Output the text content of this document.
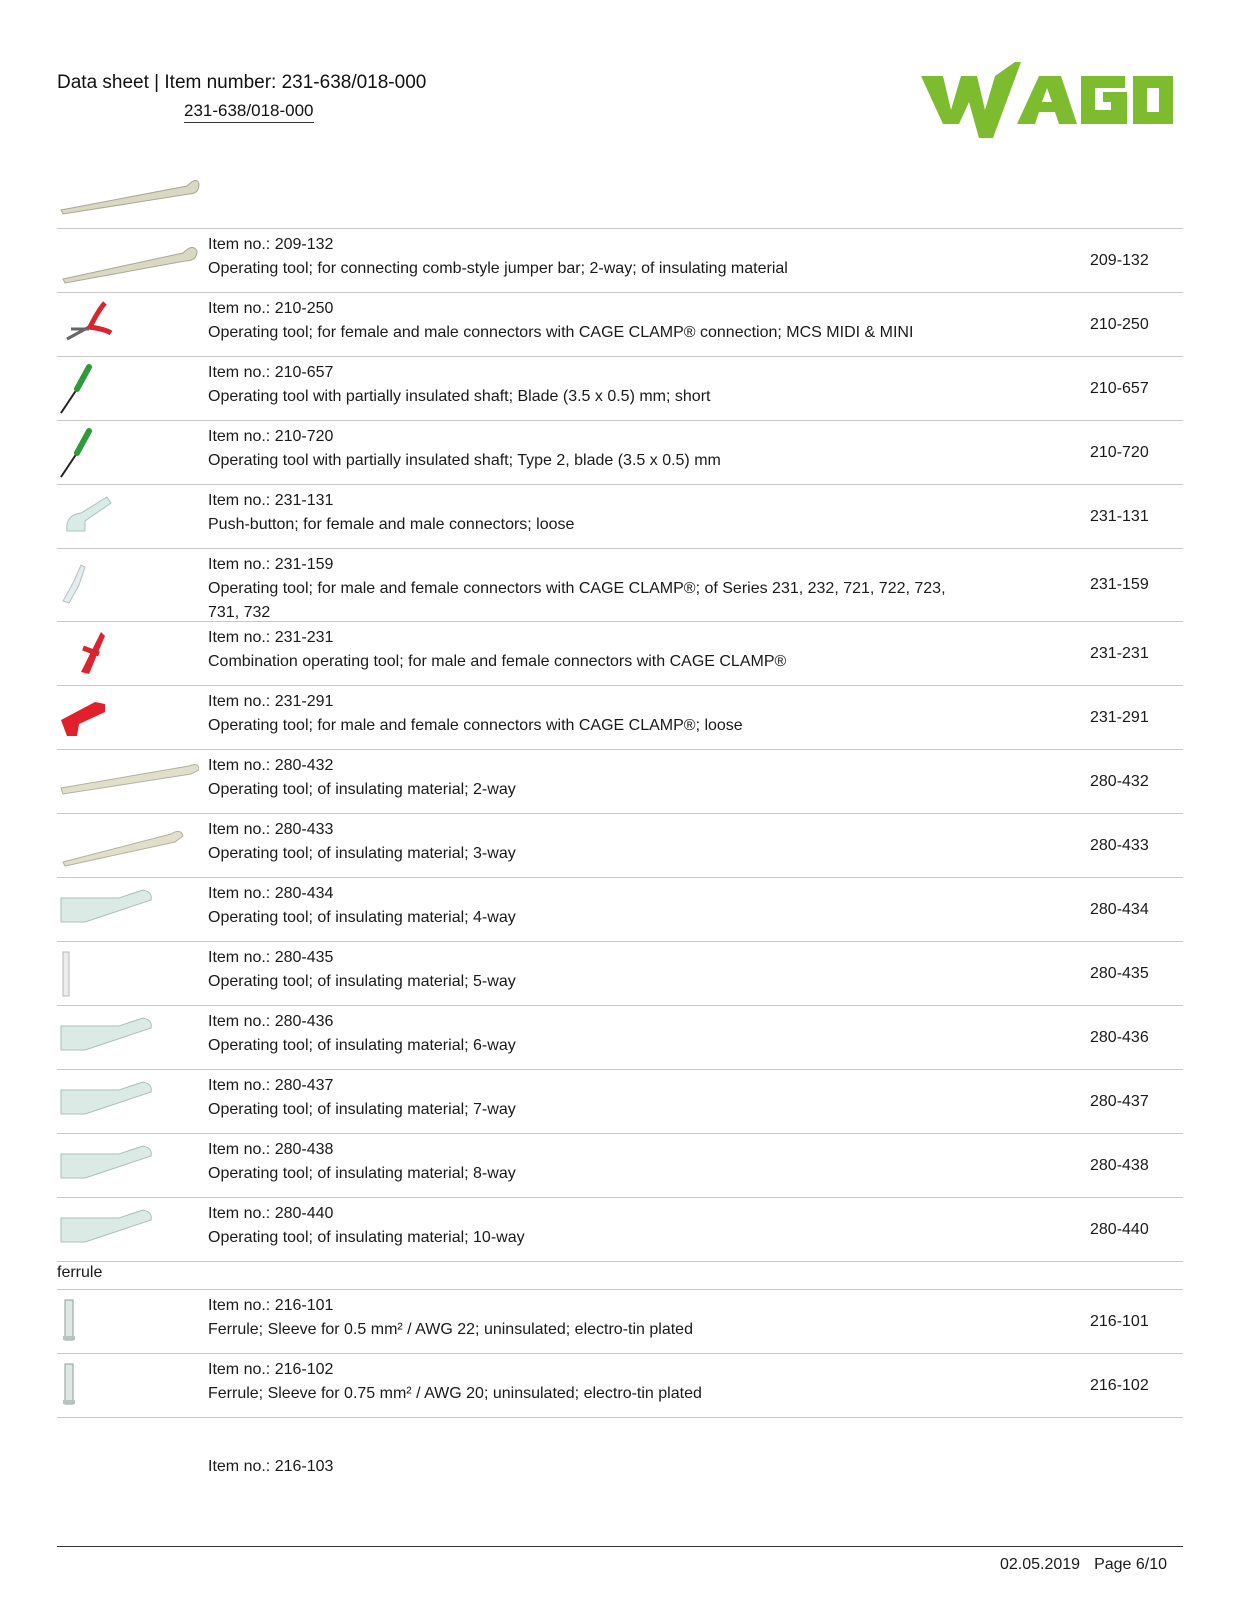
Data sheet | Item number: 231-638/018-000
231-638/018-000
Item no.: 209-132
Operating tool; for connecting comb-style jumper bar; 2-way; of insulating material	209-132
Item no.: 210-250
Operating tool; for female and male connectors with CAGE CLAMP® connection; MCS MIDI & MINI	210-250
Item no.: 210-657
Operating tool with partially insulated shaft; Blade (3.5 x 0.5) mm; short	210-657
Item no.: 210-720
Operating tool with partially insulated shaft; Type 2, blade (3.5 x 0.5) mm	210-720
Item no.: 231-131
Push-button; for female and male connectors; loose	231-131
Item no.: 231-159
Operating tool; for male and female connectors with CAGE CLAMP®; of Series 231, 232, 721, 722, 723, 731, 732
231-159
Item no.: 231-231
Combination operating tool; for male and female connectors with CAGE CLAMP®	231-231
Item no.: 231-291
Operating tool; for male and female connectors with CAGE CLAMP®; loose	231-291
Item no.: 280-432
Operating tool; of insulating material; 2-way	280-432
Item no.: 280-433
Operating tool; of insulating material; 3-way	280-433
Item no.: 280-434
Operating tool; of insulating material; 4-way	280-434
Item no.: 280-435
Operating tool; of insulating material; 5-way	280-435
Item no.: 280-436
Operating tool; of insulating material; 6-way	280-436
Item no.: 280-437
Operating tool; of insulating material; 7-way	280-437
Item no.: 280-438
Operating tool; of insulating material; 8-way	280-438
Item no.: 280-440
Operating tool; of insulating material; 10-way	280-440
ferrule
Item no.: 216-101
Ferrule; Sleeve for 0.5 mm² / AWG 22; uninsulated; electro-tin plated	216-101
Item no.: 216-102
Ferrule; Sleeve for 0.75 mm² / AWG 20; uninsulated; electro-tin plated	216-102
Item no.: 216-103
02.05.2019 Page 6/10
